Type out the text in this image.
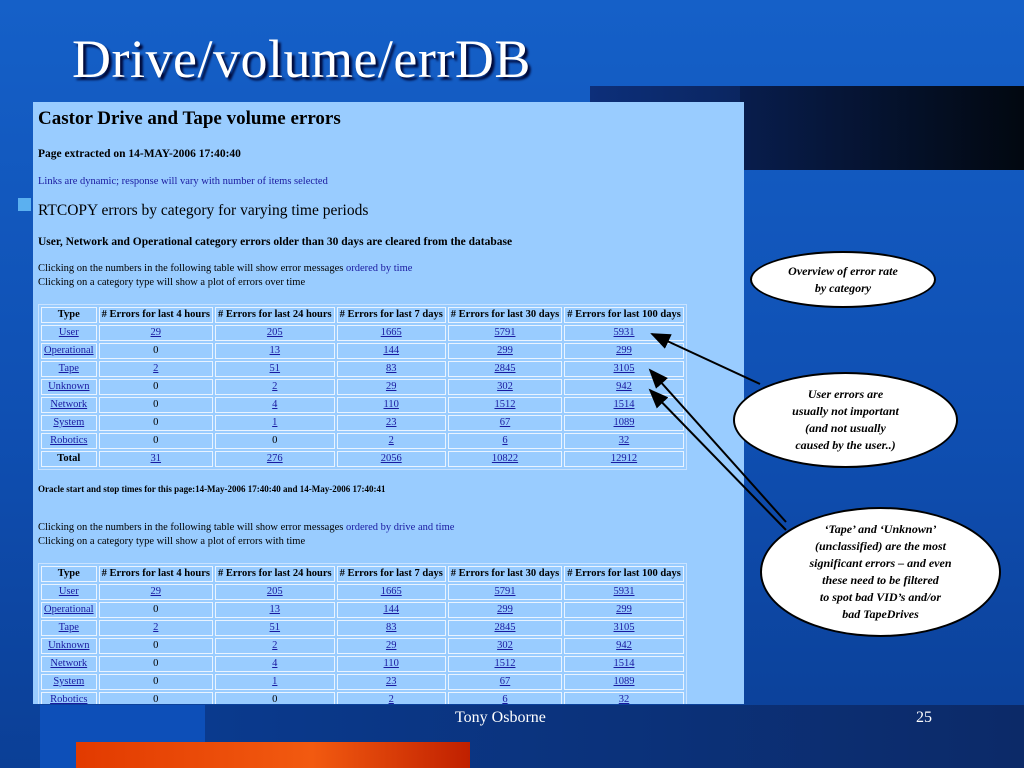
Drive/volume/errDB
Castor Drive and Tape volume errors
Page extracted on 14-MAY-2006 17:40:40
Links are dynamic; response will vary with number of items selected
RTCOPY errors by category for varying time periods
User, Network and Operational category errors older than 30 days are cleared from the database
Clicking on the numbers in the following table will show error messages ordered by time
Clicking on a category type will show a plot of errors over time
Type	# Errors for last 4 hours	# Errors for last 24 hours	# Errors for last 7 days	# Errors for last 30 days	# Errors for last 100 days
User	29	205	1665	5791	5931
Operational	0	13	144	299	299
Tape	2	51	83	2845	3105
Unknown	0	2	29	302	942
Network	0	4	110	1512	1514
System	0	1	23	67	1089
Robotics	0	0	2	6	32
Total	31	276	2056	10822	12912
Oracle start and stop times for this page:14-May-2006 17:40:40 and 14-May-2006 17:40:41
Clicking on the numbers in the following table will show error messages ordered by drive and time
Clicking on a category type will show a plot of errors with time
Type	# Errors for last 4 hours	# Errors for last 24 hours	# Errors for last 7 days	# Errors for last 30 days	# Errors for last 100 days
User	29	205	1665	5791	5931
Operational	0	13	144	299	299
Tape	2	51	83	2845	3105
Unknown	0	2	29	302	942
Network	0	4	110	1512	1514
System	0	1	23	67	1089
Robotics	0	0	2	6	32
Overview of error rate
by category
User errors are
usually not important
(and not usually
caused by the user..)
‘Tape’ and ‘Unknown’
(unclassified) are the most
significant errors – and even
these need to be filtered
to spot bad VID’s and/or
bad TapeDrives
Tony Osborne	25
